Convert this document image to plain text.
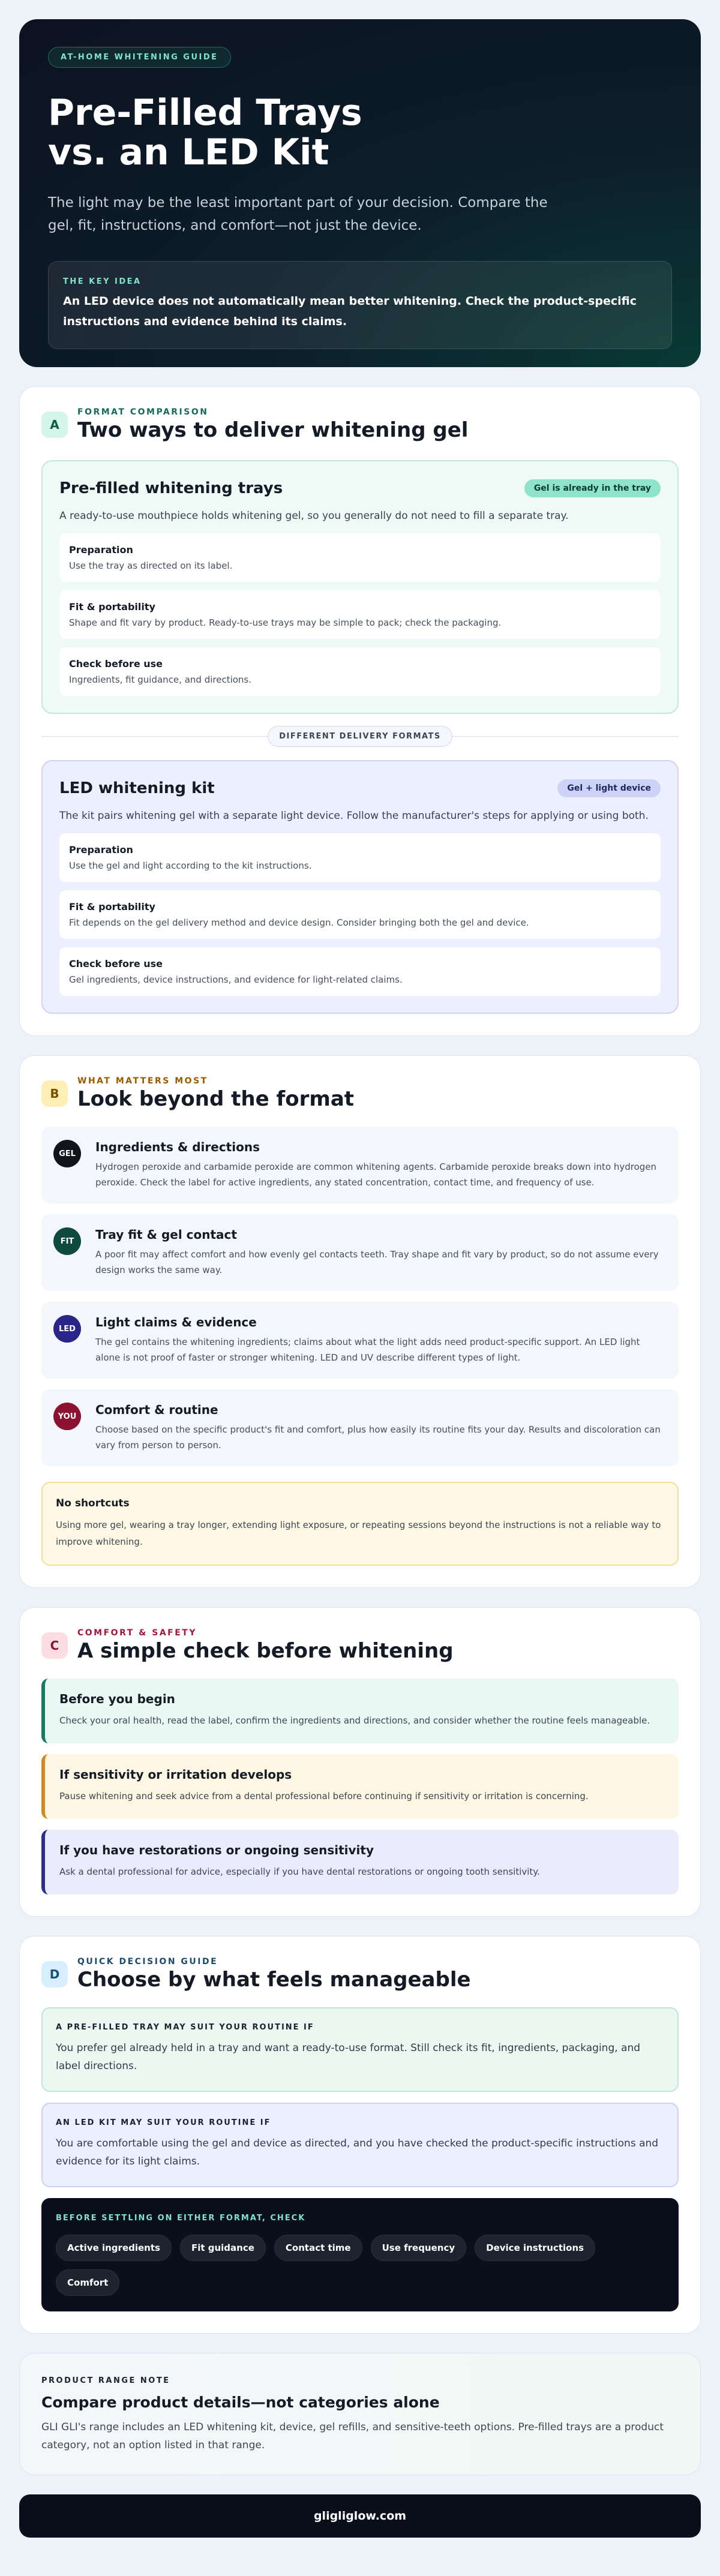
AT-HOME WHITENING GUIDE
Pre-Filled Trays
vs. an LED Kit

The light may be the least important part of your decision. Compare the gel, fit, instructions, and comfort—not just the device.

THE KEY IDEA
An LED device does not automatically mean better whitening. Check the product-specific instructions and evidence behind its claims.
A
FORMAT COMPARISON
Two ways to deliver whitening gel
Pre-filled whitening trays	Gel is already in the tray

A ready-to-use mouthpiece holds whitening gel, so you generally do not need to fill a separate tray.

Preparation
Use the tray as directed on its label.
Fit & portability
Shape and fit vary by product. Ready-to-use trays may be simple to pack; check the packaging.
Check before use
Ingredients, fit guidance, and directions.
DIFFERENT DELIVERY FORMATS
LED whitening kit	Gel + light device

The kit pairs whitening gel with a separate light device. Follow the manufacturer's steps for applying or using both.

Preparation
Use the gel and light according to the kit instructions.
Fit & portability
Fit depends on the gel delivery method and device design. Consider bringing both the gel and device.
Check before use
Gel ingredients, device instructions, and evidence for light-related claims.
B
WHAT MATTERS MOST
Look beyond the format
GEL	Ingredients & directions
Hydrogen peroxide and carbamide peroxide are common whitening agents. Carbamide peroxide breaks down into hydrogen peroxide. Check the label for active ingredients, any stated concentration, contact time, and frequency of use.
FIT	Tray fit & gel contact
A poor fit may affect comfort and how evenly gel contacts teeth. Tray shape and fit vary by product, so do not assume every design works the same way.
LED	Light claims & evidence
The gel contains the whitening ingredients; claims about what the light adds need product-specific support. An LED light alone is not proof of faster or stronger whitening. LED and UV describe different types of light.
YOU	Comfort & routine
Choose based on the specific product's fit and comfort, plus how easily its routine fits your day. Results and discoloration can vary from person to person.
No shortcuts
Using more gel, wearing a tray longer, extending light exposure, or repeating sessions beyond the instructions is not a reliable way to improve whitening.
C
COMFORT & SAFETY
A simple check before whitening
Before you begin
Check your oral health, read the label, confirm the ingredients and directions, and consider whether the routine feels manageable.
If sensitivity or irritation develops
Pause whitening and seek advice from a dental professional before continuing if sensitivity or irritation is concerning.
If you have restorations or ongoing sensitivity
Ask a dental professional for advice, especially if you have dental restorations or ongoing tooth sensitivity.
D
QUICK DECISION GUIDE
Choose by what feels manageable
A PRE-FILLED TRAY MAY SUIT YOUR ROUTINE IF
You prefer gel already held in a tray and want a ready-to-use format. Still check its fit, ingredients, packaging, and label directions.
AN LED KIT MAY SUIT YOUR ROUTINE IF
You are comfortable using the gel and device as directed, and you have checked the product-specific instructions and evidence for its light claims.
BEFORE SETTLING ON EITHER FORMAT, CHECK
Active ingredients	Fit guidance	Contact time	Use frequency	Device instructions
Comfort
PRODUCT RANGE NOTE
Compare product details—not categories alone
GLI GLI's range includes an LED whitening kit, device, gel refills, and sensitive-teeth options. Pre-filled trays are a product category, not an option listed in that range.
gligliglow.com
